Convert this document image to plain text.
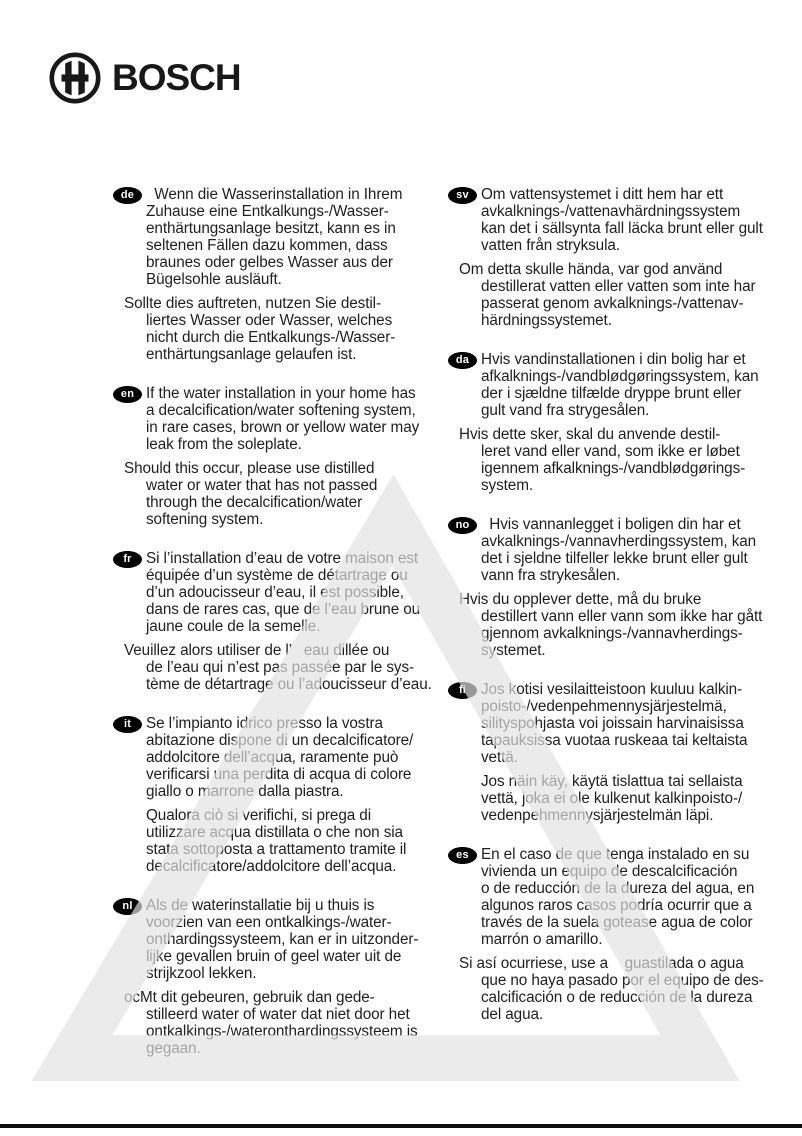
BOSCH
de Wenn die Wasserinstallation in Ihrem
Zuhause eine Entkalkungs-/Wasser-
enthärtungsanlage besitzt, kann es in
seltenen Fällen dazu kommen, dass
braunes oder gelbes Wasser aus der
Bügelsohle ausläuft.
Sollte dies auftreten, nutzen Sie destil-
liertes Wasser oder Wasser, welches
nicht durch die Entkalkungs-/Wasser-
enthärtungsanlage gelaufen ist.
en If the water installation in your home has
a decalcification/water softening system,
in rare cases, brown or yellow water may
leak from the soleplate.
Should this occur, please use distilled
water or water that has not passed
through the decalcification/water
softening system.
fr Si l’installation d’eau de votre maison est
équipée d’un système de détartrage ou
d’un adoucisseur d’eau, il est possible,
dans de rares cas, que de l’eau brune ou
jaune coule de la semelle.
Veuillez alors utiliser de l’   eau dillée ou
de l’eau qui n’est pas passée par le sys-
tème de détartrage ou l’adoucisseur d’eau.
it Se l’impianto idrico presso la vostra
abitazione dispone di un decalcificatore/
addolcitore dell’acqua, raramente può
verificarsi una perdita di acqua di colore
giallo o marrone dalla piastra.
Qualora ciò si verifichi, si prega di
utilizzare acqua distillata o che non sia
stata sottoposta a trattamento tramite il
decalcificatore/addolcitore dell’acqua.
nl Als de waterinstallatie bij u thuis is
voorzien van een ontkalkings-/water-
onthardingssysteem, kan er in uitzonder-
lijke gevallen bruin of geel water uit de
strijkzool lekken.
ocMt dit gebeuren, gebruik dan gede-
stilleerd water of water dat niet door het
ontkalkings-/wateronthardingssysteem is
gegaan.
sv Om vattensystemet i ditt hem har ett
avkalknings-/vattenavhärdningssystem
kan det i sällsynta fall läcka brunt eller gult
vatten från stryksula.
Om detta skulle hända, var god använd
destillerat vatten eller vatten som inte har
passerat genom avkalknings-/vattenav-
härdningssystemet.
da Hvis vandinstallationen i din bolig har et
afkalknings-/vandblødgøringssystem, kan
der i sjældne tilfælde dryppe brunt eller
gult vand fra strygesålen.
Hvis dette sker, skal du anvende destil-
leret vand eller vand, som ikke er løbet
igennem afkalknings-/vandblødgørings-
system.
no Hvis vannanlegget i boligen din har et
avkalknings-/vannavherdingssystem, kan
det i sjeldne tilfeller lekke brunt eller gult
vann fra strykesålen.
Hvis du opplever dette, må du bruke
destillert vann eller vann som ikke har gått
gjennom avkalknings-/vannavherdings-
systemet.
fi Jos kotisi vesilaitteistoon kuuluu kalkin-
poisto-/vedenpehmennysjärjestelmä,
silityspohjasta voi joissain harvinaisissa
tapauksissa vuotaa ruskeaa tai keltaista
vettä.
Jos näin käy, käytä tislattua tai sellaista
vettä, joka ei ole kulkenut kalkinpoisto-/
vedenpehmennysjärjestelmän läpi.
es En el caso de que tenga instalado en su
vivienda un equipo de descalcificación
o de reducción de la dureza del agua, en
algunos raros casos podría ocurrir que a
través de la suela gotease agua de color
marrón o amarillo.
Si así ocurriese, use a    guastilada o agua
que no haya pasado por el equipo de des-
calcificación o de reducción de la dureza
del agua.
